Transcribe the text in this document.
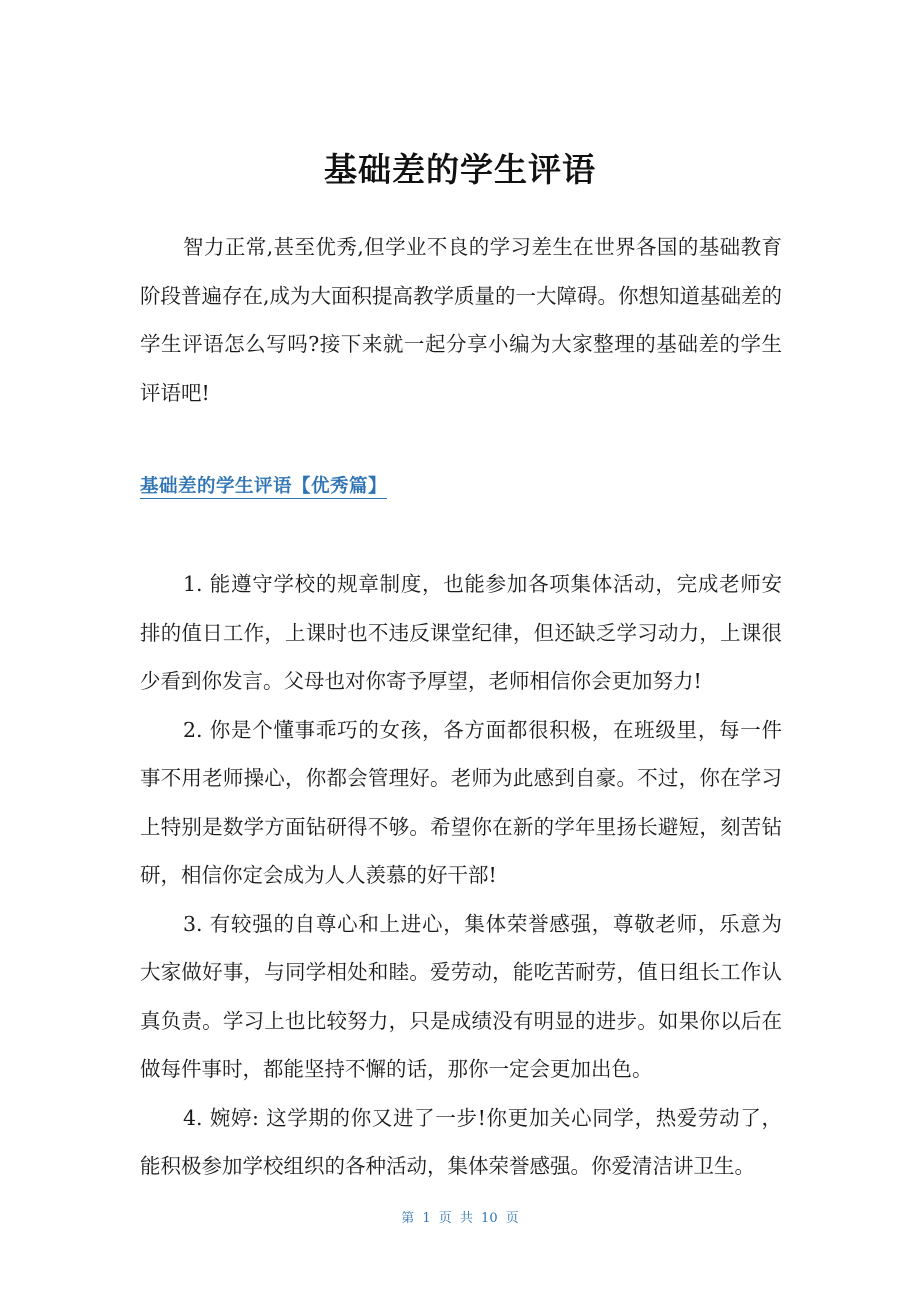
基础差的学生评语

智力正常,甚至优秀,但学业不良的学习差生在世界各国的基础教育阶段普遍存在,成为大面积提高教学质量的一大障碍。你想知道基础差的学生评语怎么写吗?接下来就一起分享小编为大家整理的基础差的学生评语吧!

基础差的学生评语【优秀篇】
1. 能遵守学校的规章制度，也能参加各项集体活动，完成老师安排的值日工作，上课时也不违反课堂纪律，但还缺乏学习动力，上课很少看到你发言。父母也对你寄予厚望，老师相信你会更加努力!
2. 你是个懂事乖巧的女孩，各方面都很积极，在班级里，每一件事不用老师操心，你都会管理好。老师为此感到自豪。不过，你在学习上特别是数学方面钻研得不够。希望你在新的学年里扬长避短，刻苦钻研，相信你定会成为人人羡慕的好干部!
3. 有较强的自尊心和上进心，集体荣誉感强，尊敬老师，乐意为大家做好事，与同学相处和睦。爱劳动，能吃苦耐劳，值日组长工作认真负责。学习上也比较努力，只是成绩没有明显的进步。如果你以后在做每件事时，都能坚持不懈的话，那你一定会更加出色。
4. 婉婷: 这学期的你又进了一步!你更加关心同学，热爱劳动了，能积极参加学校组织的各种活动，集体荣誉感强。你爱清洁讲卫生。
第 1 页 共 10 页
